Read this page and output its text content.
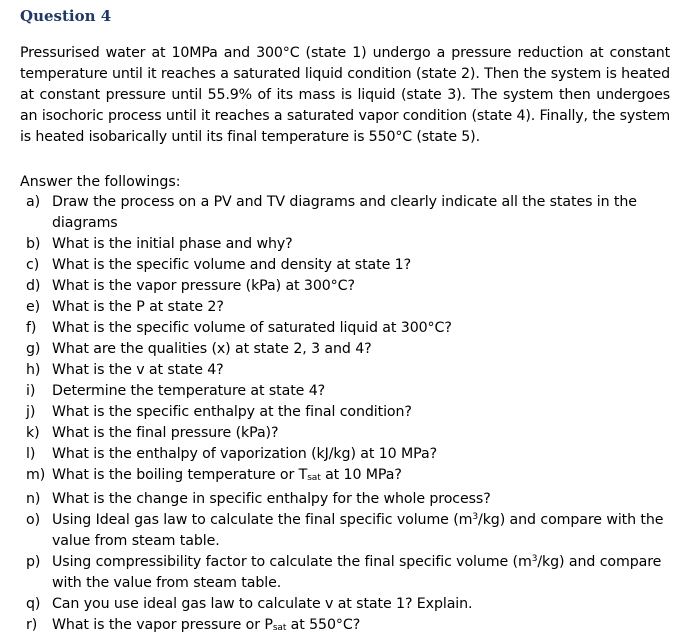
Question 4
Pressurised water at 10MPa and 300°C (state 1) undergo a pressure reduction at constant temperature until it reaches a saturated liquid condition (state 2). Then the system is heated at constant pressure until 55.9% of its mass is liquid (state 3). The system then undergoes an isochoric process until it reaches a saturated vapor condition (state 4). Finally, the system is heated isobarically until its final temperature is 550°C (state 5).
Answer the followings:
a) Draw the process on a PV and TV diagrams and clearly indicate all the states in the diagrams
b) What is the initial phase and why?
c) What is the specific volume and density at state 1?
d) What is the vapor pressure (kPa) at 300°C?
e) What is the P at state 2?
f)	What is the specific volume of saturated liquid at 300°C?
g) What are the qualities (x) at state 2, 3 and 4?
h) What is the v at state 4?
i)	Determine the temperature at state 4?
j)	What is the specific enthalpy at the final condition?
k) What is the final pressure (kPa)?
l)	What is the enthalpy of vaporization (kJ/kg) at 10 MPa?
m) What is the boiling temperature or $T_{sat}$ at 10 MPa?
n) What is the change in specific enthalpy for the whole process?
o) Using Ideal gas law to calculate the final specific volume $(m^3/kg)$ and compare with the value from steam table.
p) Using compressibility factor to calculate the final specific volume $(m^3/kg)$ and compare with the value from steam table.
q) Can you use ideal gas law to calculate v at state 1? Explain.
r)	What is the vapor pressure or $P_{sat}$ at 550°C?
